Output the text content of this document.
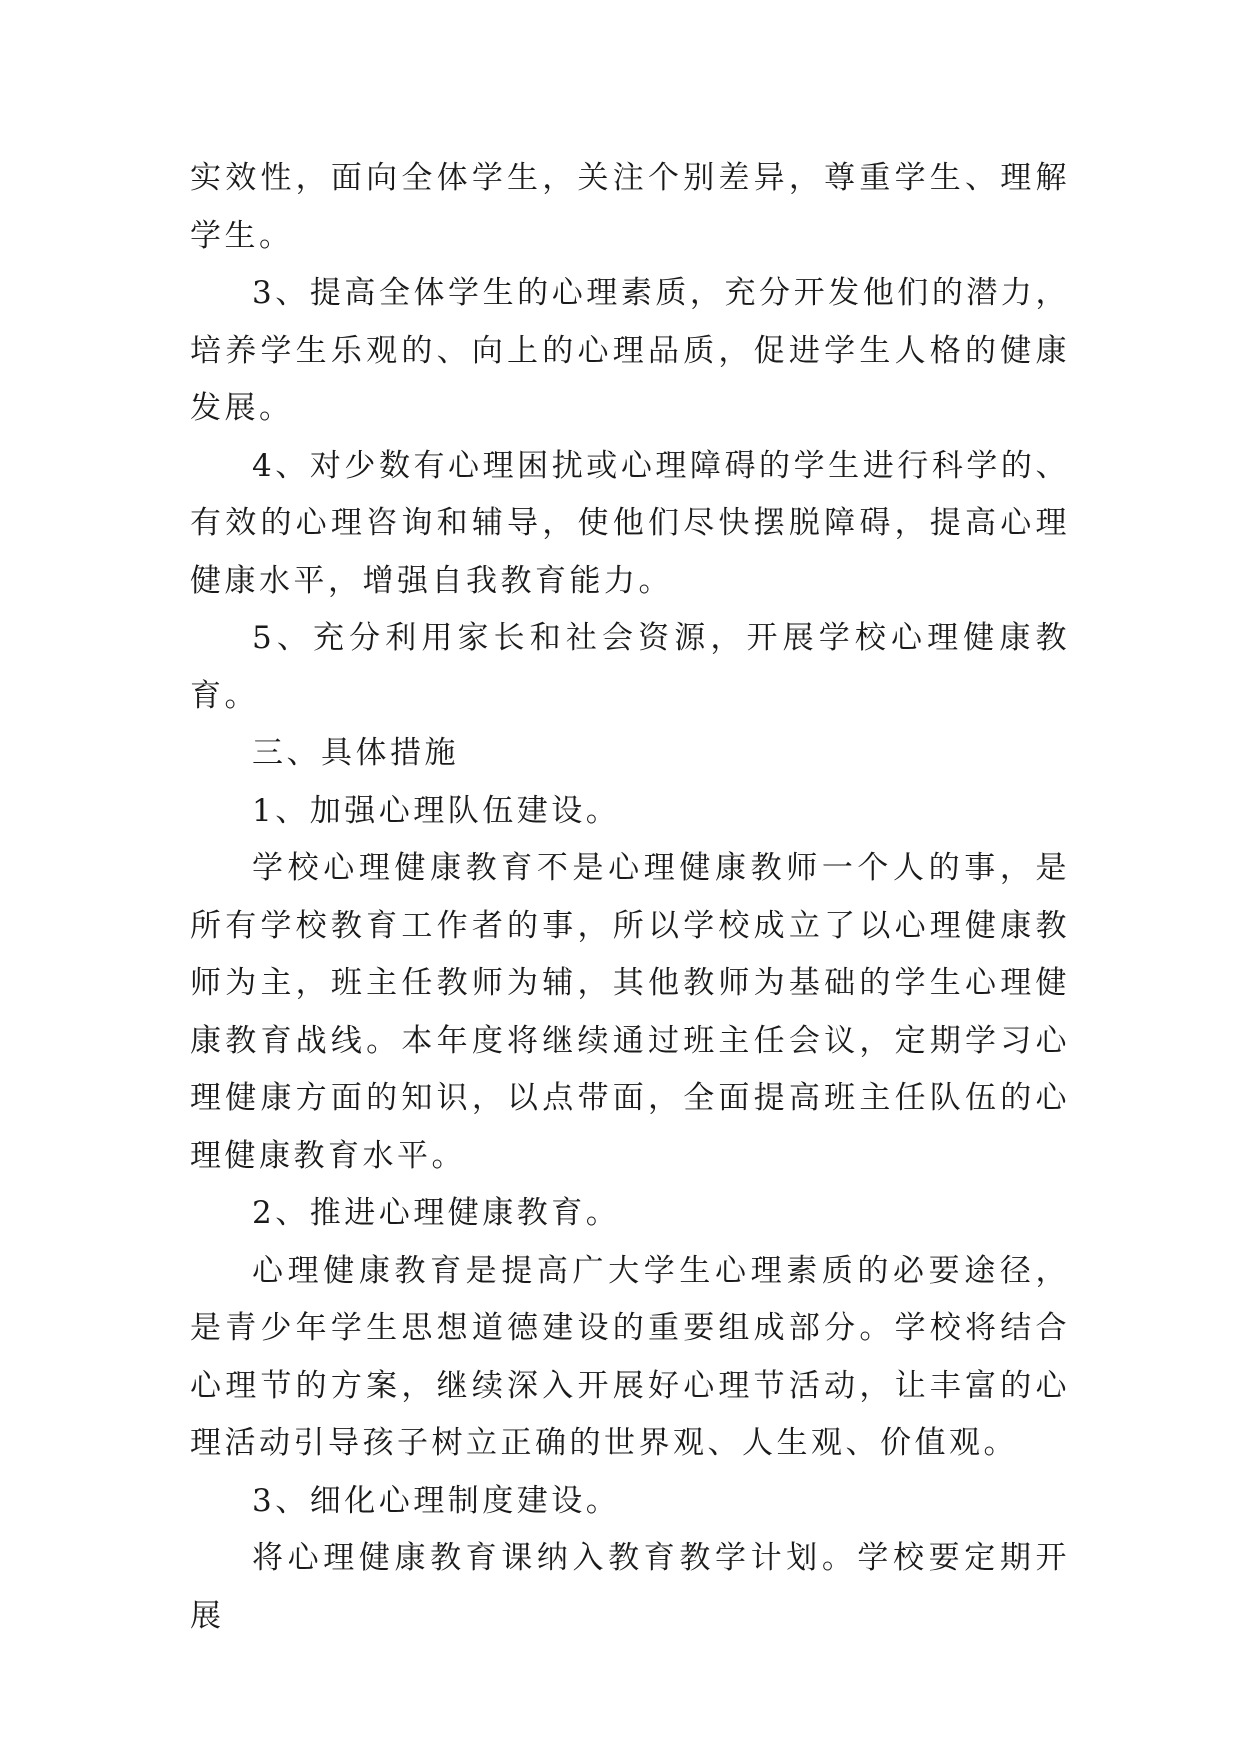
实效性，面向全体学生，关注个别差异，尊重学生、理解学生。

3、提高全体学生的心理素质，充分开发他们的潜力，培养学生乐观的、向上的心理品质，促进学生人格的健康发展。

4、对少数有心理困扰或心理障碍的学生进行科学的、有效的心理咨询和辅导，使他们尽快摆脱障碍，提高心理健康水平，增强自我教育能力。

5、充分利用家长和社会资源，开展学校心理健康教育。

三、具体措施

1、加强心理队伍建设。

学校心理健康教育不是心理健康教师一个人的事，是所有学校教育工作者的事，所以学校成立了以心理健康教师为主，班主任教师为辅，其他教师为基础的学生心理健康教育战线。本年度将继续通过班主任会议，定期学习心理健康方面的知识，以点带面，全面提高班主任队伍的心理健康教育水平。

2、推进心理健康教育。

心理健康教育是提高广大学生心理素质的必要途径，是青少年学生思想道德建设的重要组成部分。学校将结合心理节的方案，继续深入开展好心理节活动，让丰富的心理活动引导孩子树立正确的世界观、人生观、价值观。

3、细化心理制度建设。

将心理健康教育课纳入教育教学计划。学校要定期开展
